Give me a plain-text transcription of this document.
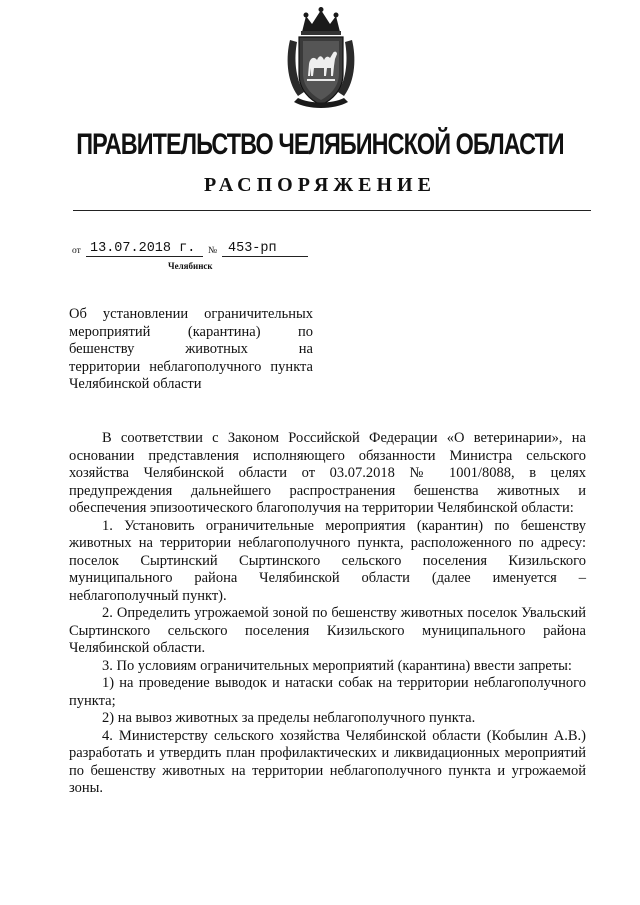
ПРАВИТЕЛЬСТВО ЧЕЛЯБИНСКОЙ ОБЛАСТИ
РАСПОРЯЖЕНИЕ
от 13.07.2018 г.	№ 453-рп
Челябинск
Об установлении ограничительных
мероприятий (карантина) по
бешенству животных на
территории неблагополучного пункта
Челябинской области

В соответствии с Законом Российской Федерации «О ветеринарии», на основании представления исполняющего обязанности Министра сельского хозяйства Челябинской области от 03.07.2018 № 1001/8088, в целях предупреждения дальнейшего распространения бешенства животных и обеспечения эпизоотического благополучия на территории Челябинской области:

1. Установить ограничительные мероприятия (карантин) по бешенству животных на территории неблагополучного пункта, расположенного по адресу: поселок Сыртинский Сыртинского сельского поселения Кизильского муниципального района Челябинской области (далее именуется – неблагополучный пункт).

2. Определить угрожаемой зоной по бешенству животных поселок Увальский Сыртинского сельского поселения Кизильского муниципального района Челябинской области.

3. По условиям ограничительных мероприятий (карантина) ввести запреты:

1) на проведение выводок и натаски собак на территории неблагополучного пункта;

2) на вывоз животных за пределы неблагополучного пункта.

4. Министерству сельского хозяйства Челябинской области (Кобылин А.В.) разработать и утвердить план профилактических и ликвидационных мероприятий по бешенству животных на территории неблагополучного пункта и угрожаемой зоны.
